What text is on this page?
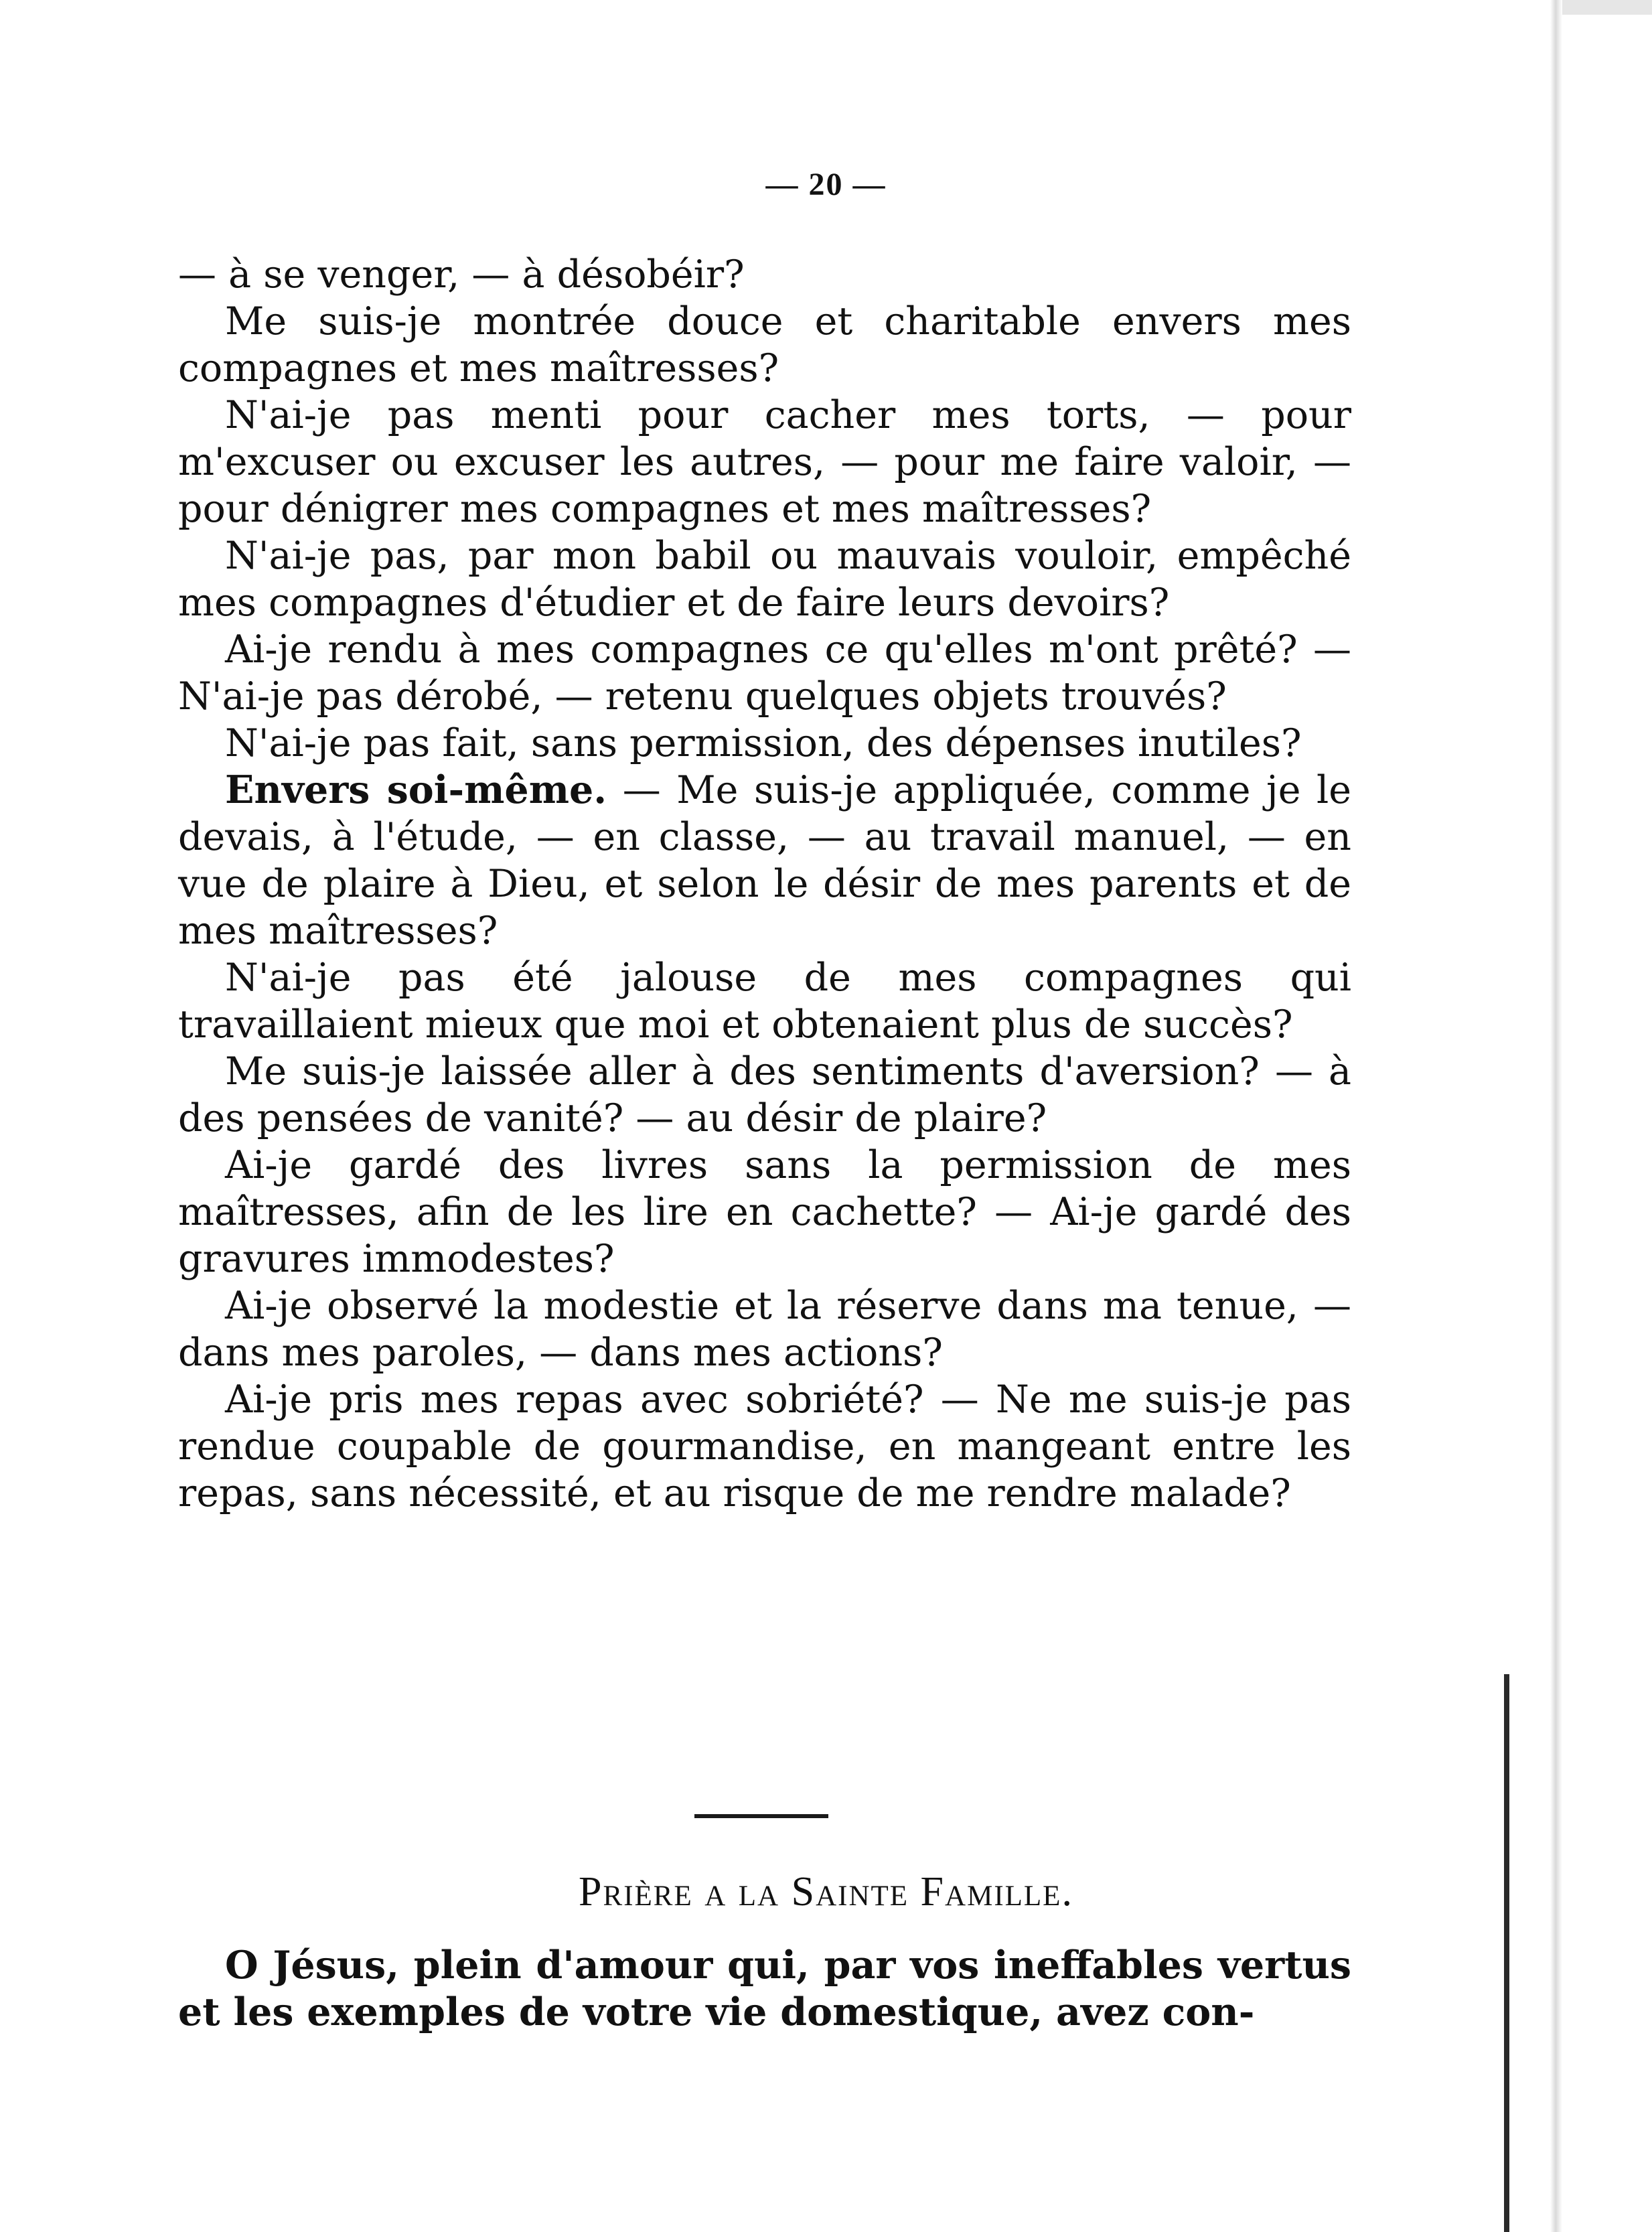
— 20 —

— à se venger, — à désobéir?

Me suis-je montrée douce et charitable envers mes compagnes et mes maîtresses?

N'ai-je pas menti pour cacher mes torts, — pour m'excuser ou excuser les autres, — pour me faire valoir, — pour dénigrer mes compagnes et mes maîtresses?

N'ai-je pas, par mon babil ou mauvais vouloir, empêché mes compagnes d'étudier et de faire leurs devoirs?

Ai-je rendu à mes compagnes ce qu'elles m'ont prêté? — N'ai-je pas dérobé, — retenu quelques objets trouvés?

N'ai-je pas fait, sans permission, des dépenses inutiles?

Envers soi-même. — Me suis-je appliquée, comme je le devais, à l'étude, — en classe, — au travail manuel, — en vue de plaire à Dieu, et selon le désir de mes parents et de mes maîtresses?

N'ai-je pas été jalouse de mes compagnes qui travaillaient mieux que moi et obtenaient plus de succès?

Me suis-je laissée aller à des sentiments d'aversion? — à des pensées de vanité? — au désir de plaire?

Ai-je gardé des livres sans la permission de mes maîtresses, afin de les lire en cachette? — Ai-je gardé des gravures immodestes?

Ai-je observé la modestie et la réserve dans ma tenue, — dans mes paroles, — dans mes actions?

Ai-je pris mes repas avec sobriété? — Ne me suis-je pas rendue coupable de gourmandise, en mangeant entre les repas, sans nécessité, et au risque de me rendre malade?

Prière a la Sainte Famille.

O Jésus, plein d'amour qui, par vos ineffables vertus et les exemples de votre vie domestique, avez con-
